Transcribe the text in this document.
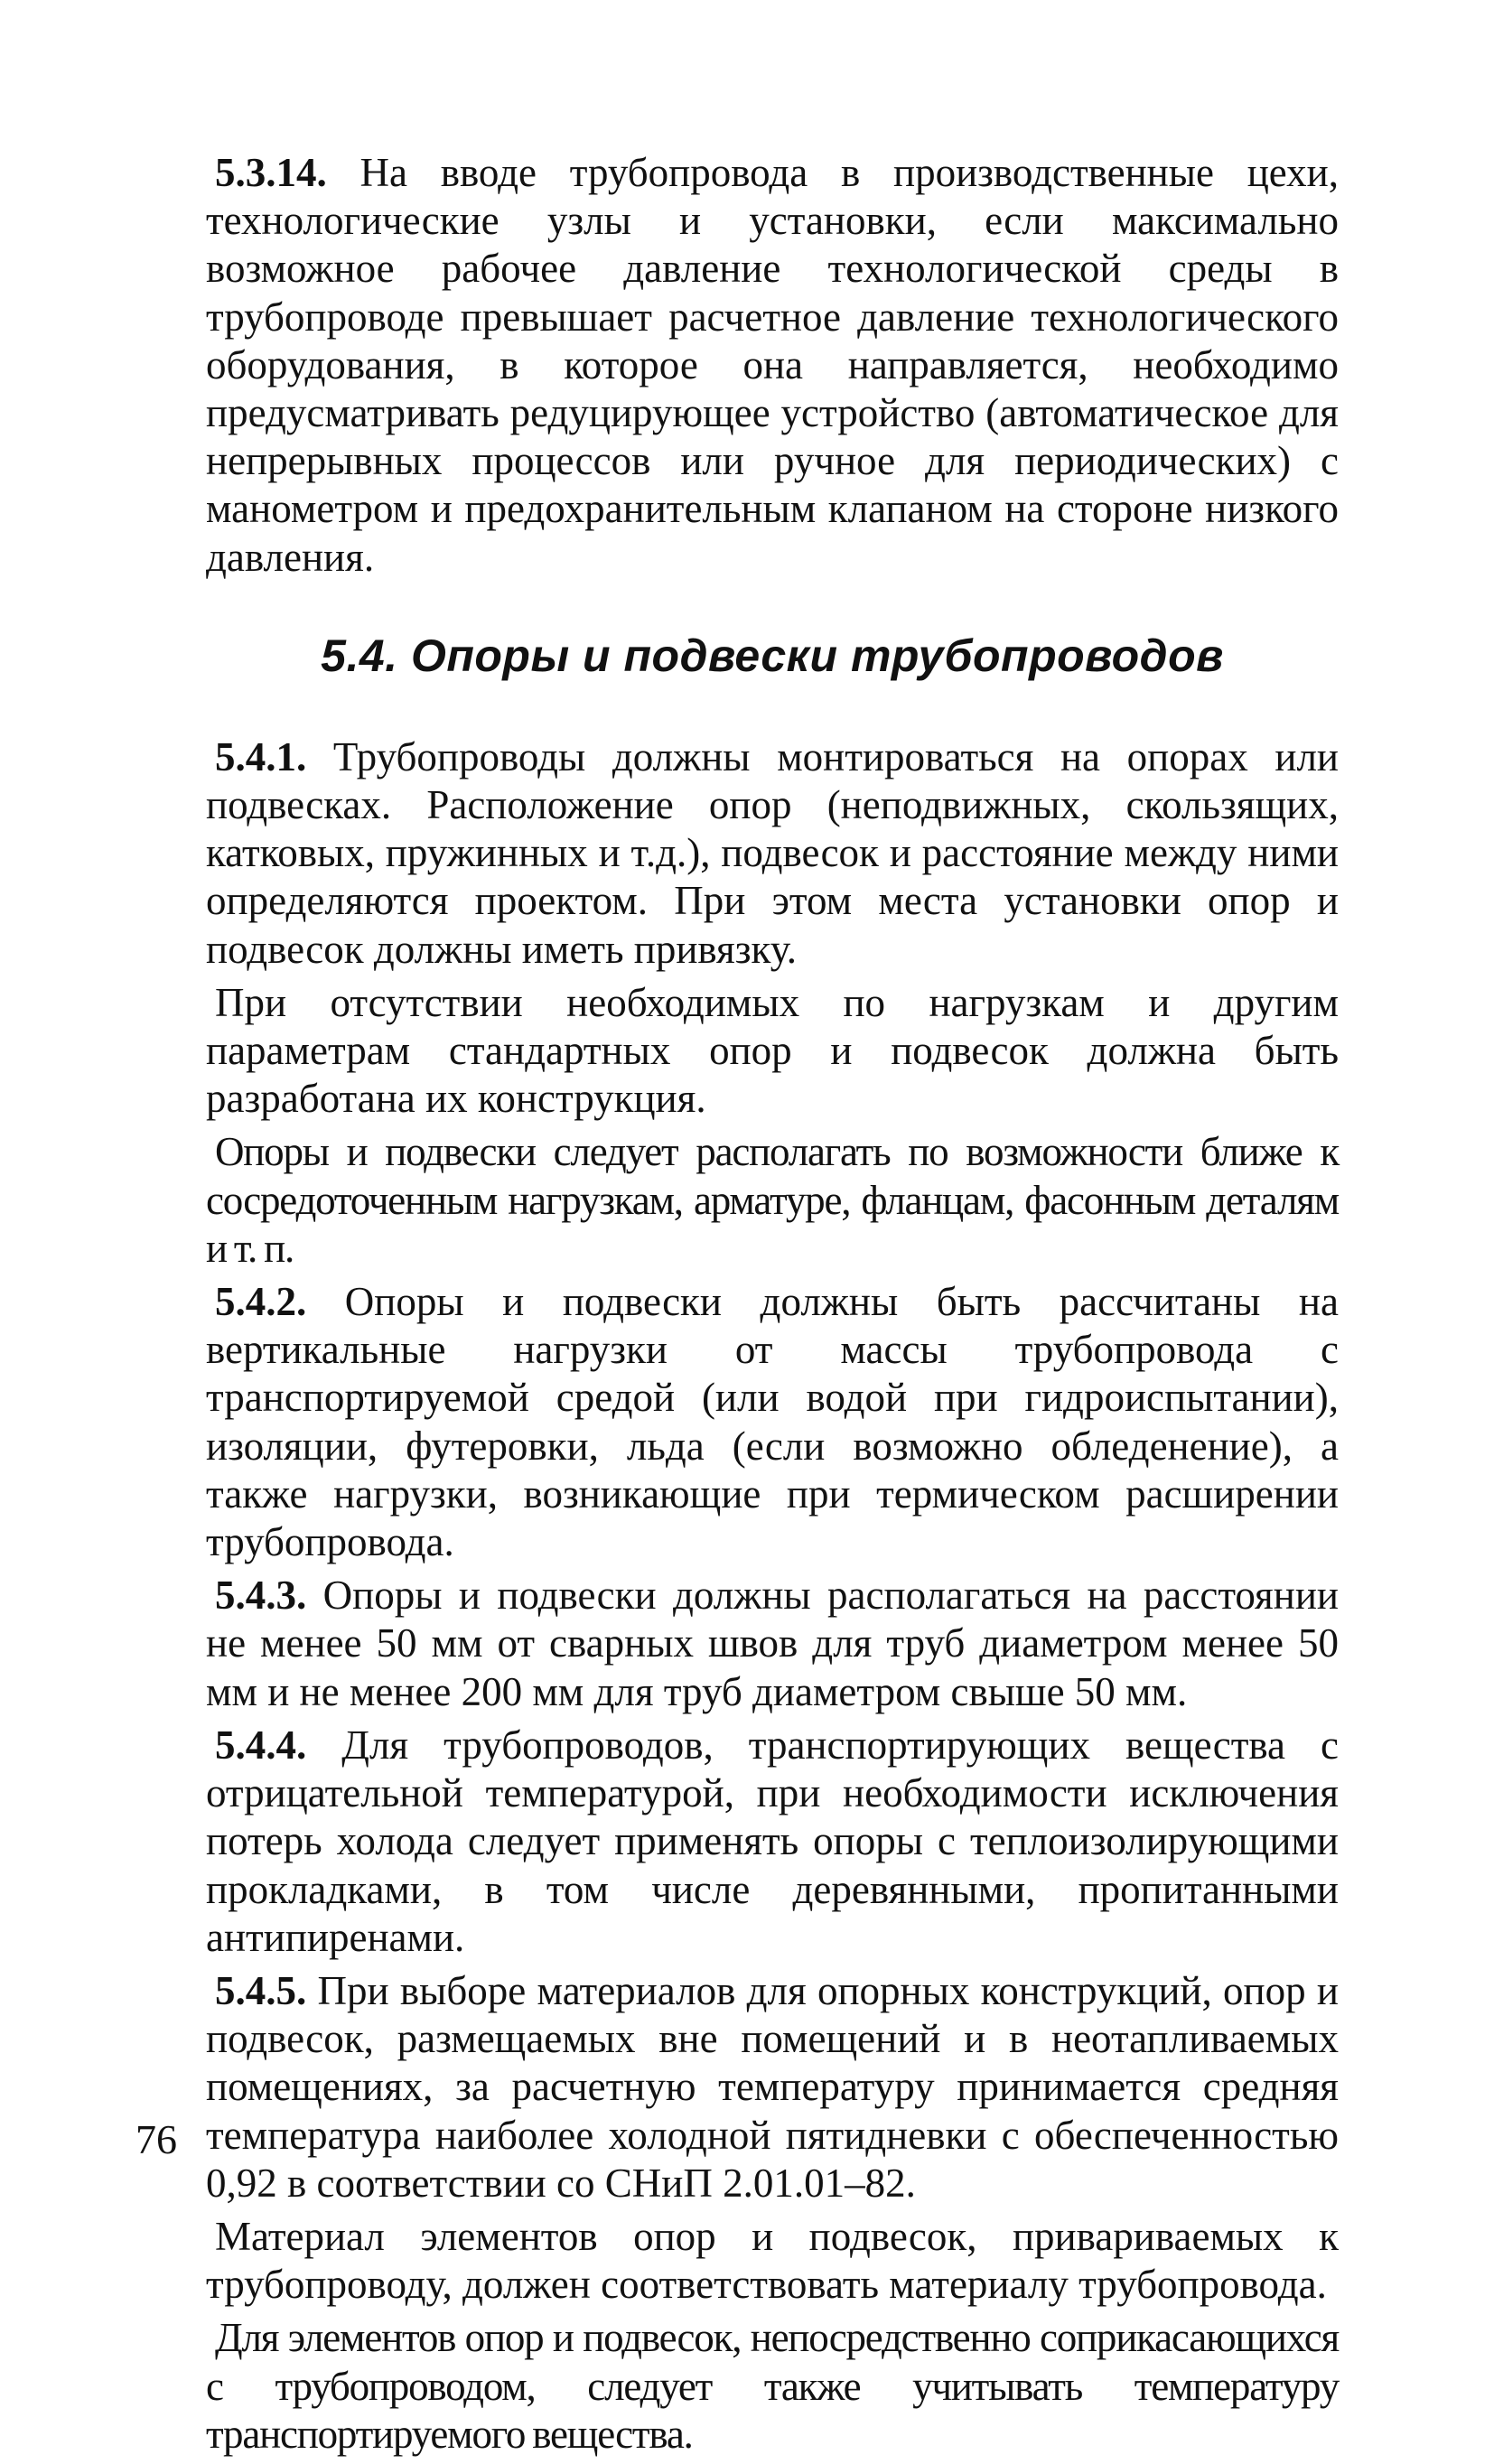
5.3.14. На вводе трубопровода в производственные цехи, технологические узлы и установки, если максимально возможное рабочее давление технологической среды в трубопроводе превышает расчетное давление технологического оборудования, в которое она направляется, необходимо предусматривать редуцирующее устройство (автоматическое для непрерывных процессов или ручное для периодических) с манометром и предохранительным клапаном на стороне низкого давления.

5.4. Опоры и подвески трубопроводов

5.4.1. Трубопроводы должны монтироваться на опорах или подвесках. Расположение опор (неподвижных, скользящих, катковых, пружинных и т.д.), подвесок и расстояние между ними определяются проектом. При этом места установки опор и подвесок должны иметь привязку.

При отсутствии необходимых по нагрузкам и другим параметрам стандартных опор и подвесок должна быть разработана их конструкция.

Опоры и подвески следует располагать по возможности ближе к сосредоточенным нагрузкам, арматуре, фланцам, фасонным деталям и т. п.

5.4.2. Опоры и подвески должны быть рассчитаны на вертикальные нагрузки от массы трубопровода с транспортируемой средой (или водой при гидроиспытании), изоляции, футеровки, льда (если возможно обледенение), а также нагрузки, возникающие при термическом расширении трубопровода.

5.4.3. Опоры и подвески должны располагаться на расстоянии не менее 50 мм от сварных швов для труб диаметром менее 50 мм и не менее 200 мм для труб диаметром свыше 50 мм.

5.4.4. Для трубопроводов, транспортирующих вещества с отрицательной температурой, при необходимости исключения потерь холода следует применять опоры с теплоизолирующими прокладками, в том числе деревянными, пропитанными антипиренами.

5.4.5. При выборе материалов для опорных конструкций, опор и подвесок, размещаемых вне помещений и в неотапливаемых помещениях, за расчетную температуру принимается средняя температура наиболее холодной пятидневки с обеспеченностью 0,92 в соответствии со СНиП 2.01.01–82.

Материал элементов опор и подвесок, привариваемых к трубопроводу, должен соответствовать материалу трубопровода.

Для элементов опор и подвесок, непосредственно соприкасающихся с трубопроводом, следует также учитывать температуру транспортируемого вещества.

76
